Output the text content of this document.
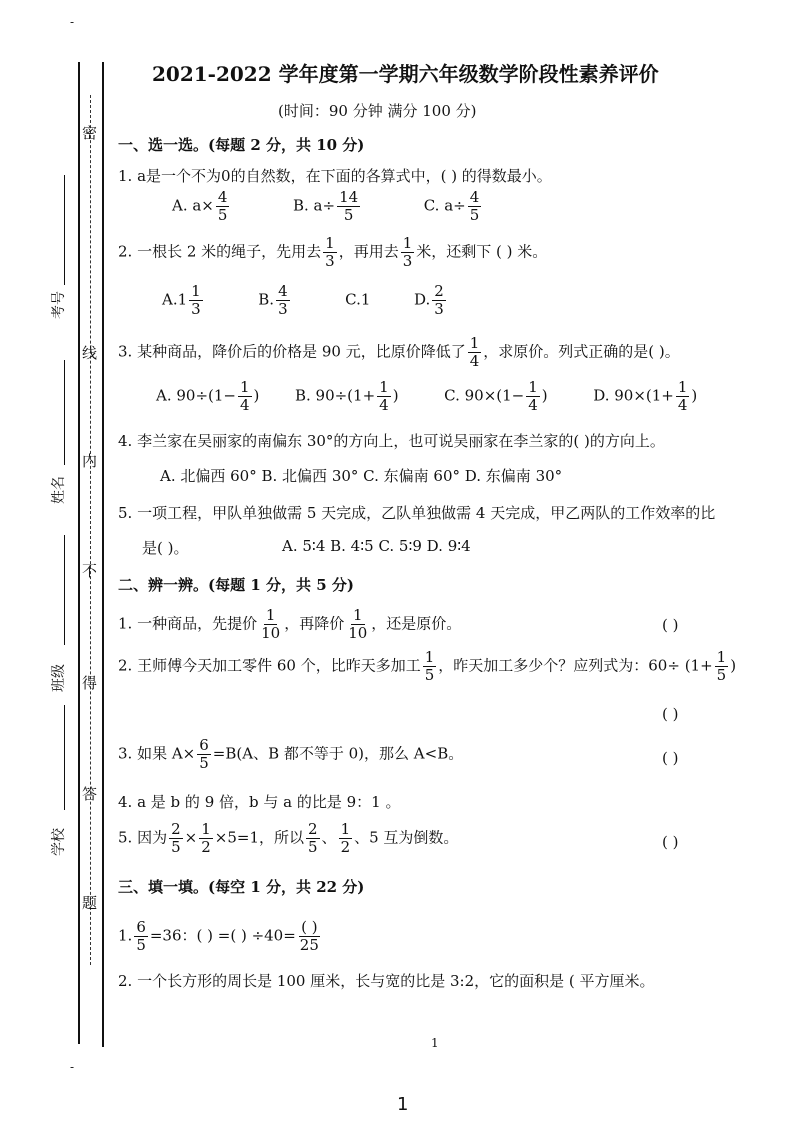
密
线
内
不
得
答
题
考号
姓名
班级
学校
-
2021-2022 学年度第一学期六年级数学阶段性素养评价
(时间：90 分钟 满分 100 分)
一、选一选。(每题 2 分，共 10 分)
1. a是一个不为0的自然数，在下面的各算式中，( ) 的得数最小。
A. $a\times \frac{4}{5}$	B. $a\div \frac{14}{5}$	C. $a\div \frac{4}{5}$
2. 一根长 2 米的绳子，先用去 $\frac{1}{3}$ ，再用去 $\frac{1}{3}$ 米，还剩下 ( ) 米。
$A.1 \frac{1}{3}$	B. $\frac{4}{3}$	C.1	D. $\frac{2}{3}$
3. 某种商品，降价后的价格是 90 元，比原价降低了 $\frac{1}{4}$ ，求原价。列式正确的是( )。
A. $90\div(1- \frac{1}{4}$ ) B. $90\div(1+ \frac{1}{4}$ )	C. $90\times(1- \frac{1}{4}$ )	D. $90\times(1+ \frac{1}{4}$ )
4. 李兰家在吴丽家的南偏东 30°的方向上，也可说吴丽家在李兰家的( )的方向上。
A. 北偏西 60° B. 北偏西 30° C. 东偏南 60° D. 东偏南 30°
5. 一项工程，甲队单独做需 5 天完成，乙队单独做需 4 天完成，甲乙两队的工作效率的比
是( )。	A. 5∶4 B. 4∶5 C. 5∶9 D. 9∶4
二、辨一辨。(每题 1 分，共 5 分)
1. 一种商品，先提价 $\frac{1}{10}$ ，再降价 $\frac{1}{10}$ ，还是原价。	( )
2. 王师傅今天加工零件 60 个，比昨天多加工 $\frac{1}{5}$ ，昨天加工多少个？应列式为：$60\div (1+ \frac{1}{5}$ )
( )
3. 如果 $A\times \frac{6}{5} =B(A$、B 都不等于 0)，那么 A<B。	( )
4. a 是 b 的 9 倍，b 与 a 的比是 9：1 。
5. 因为 $\frac{2}{5} \times \frac{1}{2} \times 5=1$，所以 $\frac{2}{5}$ 、 $\frac{1}{2}$ 、5 互为倒数。	( )
三、填一填。(每空 1 分，共 22 分)
1. $\frac{6}{5} =36$：( ) =( ) $\div 40= \frac{( )}{25}$
2. 一个长方形的周长是 100 厘米，长与宽的比是 3:2，它的面积是 ( 平方厘米。
1
1
-
